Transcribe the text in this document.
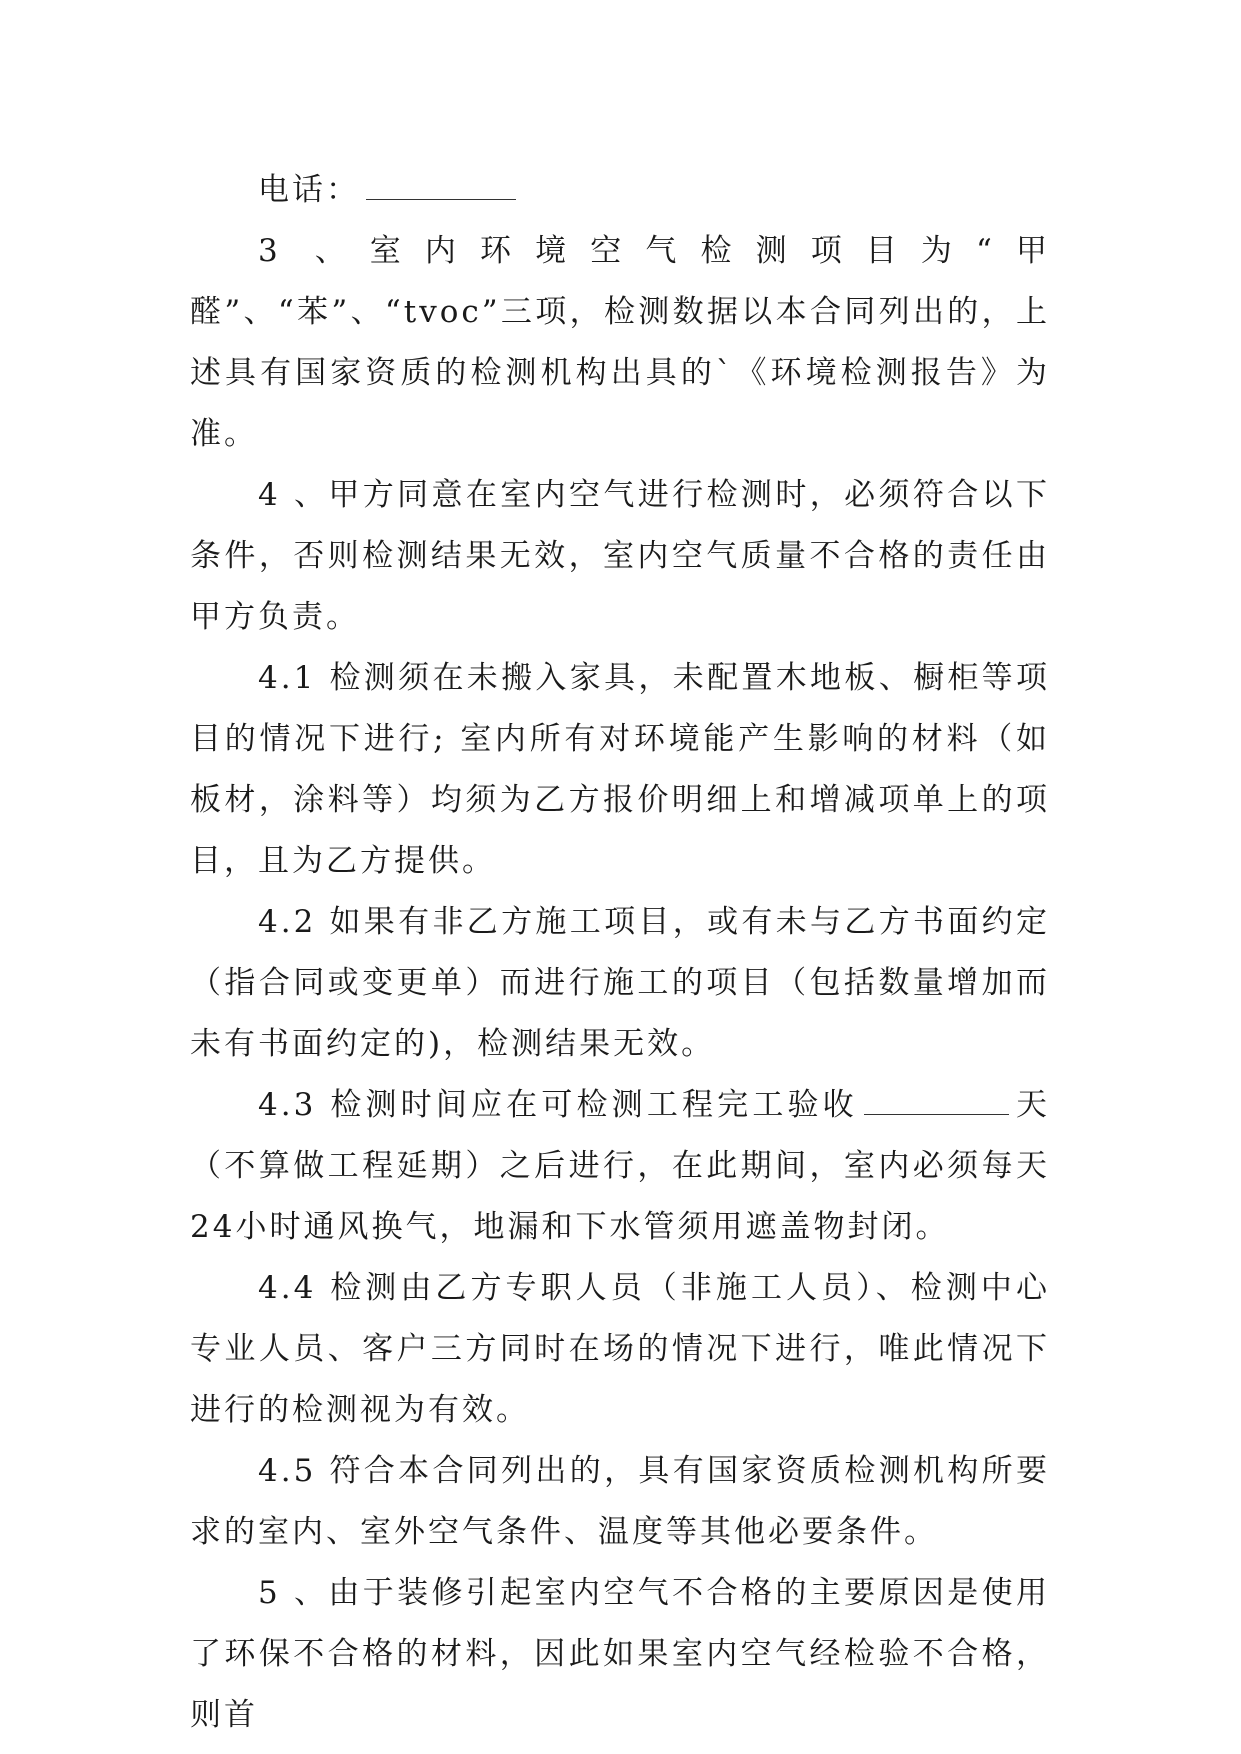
电话：

3 、室内环境空气检测项目为“甲醛”、“苯”、“tvoc”三项，检测数据以本合同列出的，上述具有国家资质的检测机构出具的`《环境检测报告》为准。

4 、甲方同意在室内空气进行检测时，必须符合以下条件，否则检测结果无效，室内空气质量不合格的责任由甲方负责。

4.1 检测须在未搬入家具，未配置木地板、橱柜等项目的情况下进行; 室内所有对环境能产生影响的材料（如板材，涂料等）均须为乙方报价明细上和增减项单上的项目，且为乙方提供。

4.2 如果有非乙方施工项目，或有未与乙方书面约定（指合同或变更单）而进行施工的项目（包括数量增加而未有书面约定的)，检测结果无效。

4.3 检测时间应在可检测工程完工验收	天（不算做工程延期）之后进行，在此期间，室内必须每天24小时通风换气，地漏和下水管须用遮盖物封闭。

4.4 检测由乙方专职人员（非施工人员）、检测中心专业人员、客户三方同时在场的情况下进行，唯此情况下进行的检测视为有效。

4.5 符合本合同列出的，具有国家资质检测机构所要求的室内、室外空气条件、温度等其他必要条件。

5 、由于装修引起室内空气不合格的主要原因是使用了环保不合格的材料，因此如果室内空气经检验不合格，则首
